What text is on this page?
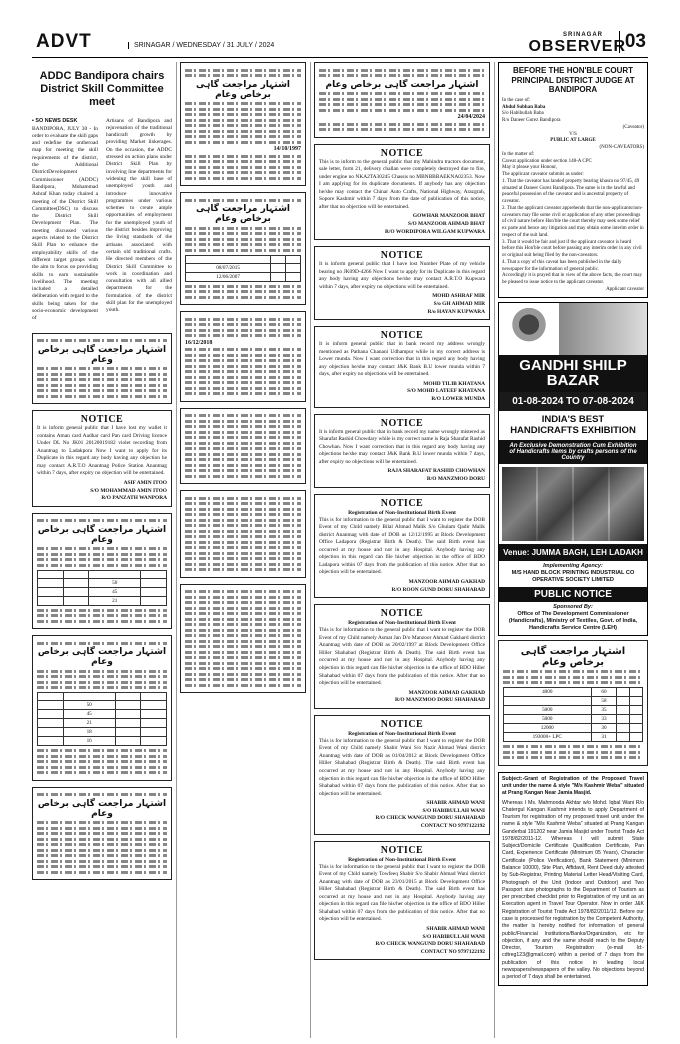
ADVT	SRINAGAR / WEDNESDAY / 31 JULY / 2024
SRINAGAR
OBSERVER
03
ADDC Bandipora chairs District Skill Committee meet
▪ SO NEWS DESK
BANDIPORA, JULY 30 - In order to evaluate the skill gaps and redefine the ontheroad map for meeting the skill requirements of the district, the Additional DistrictDevelopment Commissioner (ADDC) Bandipora, Mohammad Ashraf Khan today chaired a meeting of the District Skill Committee(DSC) to discuss the District Skill Development Plan. The meeting discussed various aspects related to the District Skill Plan to enhance the employability skills of the different target groups with the aim to focus on providing skills to earn sustainable livelihood. The meeting included a detailed deliberation with regard to the skills being taken for the socio-economic development of
Artisans of Bandipora and rejuvenation of the traditional handicraft growth by providing Market linkerages. On the occasion, the ADDC stressed on action plans under District Skill Plan by involving line departments for widening the skill base of unemployed youth and introduce innovative programmes under various schemes to create ample opportunities of employment for the unemployed youth of the district besides improving the living standards of the artisans associated with certain old traditional crafts. He directed members of the District Skill Committee to work in coordination and consultation with all allied departments for the formulation of the district skill plan for the unemployed youth.
اشتہار مراجعت گاہی برخاص وعام
NOTICE

It is inform general public that I have lost my wallet it contains Aman card Aadhar card Pan card Driving licence Under DL No JK01 20120019182 violet recording from Anantnag to Ladakpora Now I want to apply for its Duplicate in this regard any body having any objection he may contact A.R.T.O Anantnag Police Station Anantnag within 7 days, after expiry no objection will be entertained.

ASIF AMIN ITOO
S/O MOHAMMAD AMIN ITOO
R/O PANZATH WANPORA
اشتہار مراجعت گاہی برخاص وعام

		50	
		45	
		21	
اشتہار مراجعت گاہی برخاص وعام

	50		
	45		
	21		
	18		
	16		
اشتہار مراجعت گاہی برخاص وعام
اشتہار مراجعت گاہی برخاص وعام
14/10/1997
اشتہار مراجعت گاہی برخاص وعام

08/07/2015		
12/06/2007		
16/12/2018
اشتہار مراجعت گاہی برخاص وعام
24/04/2024
NOTICE

This is to inform to the general public that my Mahindra tractors document, sale letter, form 21, delivery challan were completely destroyed due to fire, under engine no NKA2TA30245 Chassis no MBNBBBAEKNA02353. Now I am applying for its duplicate documents. If anybody has any objection he/she may contact the Chinar Auto Crafts, National Highway, Arazgrah, Sopore Kashmir within 7 days from the date of publication of this notice, after that no objection will be entertained.

GOWHAR MANZOOR BHAT
S/O MANZOOR AHMAD BHAT
R/O WORDIPORA WILGAM KUPWARA
NOTICE

It is inform general public that I have lost Number Plate of my vehicle bearing no JK09D-4266 Now I want to apply for its Duplicate in this regard any body having any objections he/she may contact A.R.T.O Kupwara within 7 days, after expiry no objections will be entertained.

MOHD ASHRAF MIR
S/o GH AHMAD MIR
R/o HAYAN KUPWARA
NOTICE

It is inform general public that in bank record my address wrongly mentioned as Pathana Chanani Udhampur while in my correct address is Lower munda. Now I want correction that in this regard any body having any objection he/she may contact J&K Bank B.U lower munda within 7 days, after expiry no objections will be entertained.

MOHD TILIB KHATANA
S/O MOHD LATEEF KHATANA
R/O LOWER MUNDA
NOTICE

It is inform general public that in bank record my name wrongly mistered as Sharafat Rashid Chowdary while is my correct name is Raja Sharafat Rashid Chowhan. Now I want correction that in this regard any body having any objections he/she may contact J&K Bank B.U lower munda within 7 days, after expiry no objections will be entertained.

RAJA SHARAFAT RASHID CHOWHAN
R/O MANZMOO DORU
NOTICE
Registration of Non-Institutional Birth Event

This is for information to the general public that I want to register the DOB Event of my Child namely Bilal Ahmad Malik S/o Ghulam Qadir Malik district Anantnag with date of DOB as 12/12/1995 at Block Development Office Ladapora (Registrar Birth & Death). The said Birth event has occurred at my house and not in any Hospital. Anybody having any objection in this regard can file his/her objection in the office of BDO Ladapora within 07 days from the publication of this notice. After that no objection will be entertained.

MANZOOR AHMAD GAKHAD
R/O ROON GUND DORU SHAHABAD
NOTICE
Registration of Non-Institutional Birth Event

This is for information to the general public that I want to register the DOB Event of my Child namely Asmat Jan D/o Manzoor Ahmad Gakhard district Anantnag with date of DOB as 20/02/1997 at Block Development Office Hiller Shahabad (Registrar Birth & Death). The said Birth event has occurred at my house and not in any Hospital. Anybody having any objection in this regard can file his/her objection in the office of BDO Hiller Shahabad within 07 days from the publication of this notice. After that no objection will be entertained.

MANZOOR AHMAD GAKHAD
R/O MANZMOO DORU SHAHABAD
NOTICE
Registration of Non-Institutional Birth Event

This is for information to the general public that I want to register the DOB Event of my Child namely Shabir Wani S/o Nazir Ahmad Wani district Anantnag with date of DOB as 01/04/2012 at Block Development Office Hiller Shahabad (Registrar Birth & Death). The said Birth event has occurred at my house and not in any Hospital. Anybody having any objection in this regard can file his/her objection in the office of BDO Hiller Shahabad within 07 days from the publication of this notice. After that no objection will be entertained.

SHABIR AHMAD WANI
S/O HABIBULLAH WANI
R/O CHECK WANGUND DORU SHAHABAD
CONTACT NO 9797122192
NOTICE
Registration of Non-Institutional Birth Event

This is for information to the general public that I want to register the DOB Event of my Child namely Towfeeq Shabir S/o Shabir Ahmad Wani district Anantnag with date of DOB as 23/01/2015 at Block Development Office Hiller Shahabad (Registrar Birth & Death). The said Birth event has occurred at my house and not in any Hospital. Anybody having any objection in this regard can file his/her objection in the office of BDO Hiller Shahabad within 07 days from the publication of this notice. After that no objection will be entertained.

SHABIR AHMAD WANI
S/O HABIBULLAH WANI
R/O CHECK WANGUND DORU SHAHABAD
CONTACT NO 9797122192
BEFORE THE HON'BLE COURT PRINCIPAL DISTRICT JUDGE AT BANDIPORA

In the case of:

Abdul Subhan Baba

S/o Habibullah Baba

R/o Daneer Gurez Bandipora

(Caveator)

V/S

PUBLIC AT LARGE

(NON-CAVEATORS)

In the matter of:

Caveat application under section 148-A CPC

May it please your Honour,

The applicant caveator submits as under:

1. That the caveator has landed property bearing khasra no 97/45, 49 situated at Daneer Gurez Bandipora. The same is in the lawful and peaceful possession of the caveator and is ancestral property of caveator.

2. That the applicant caveator apprehends that the non-applicants/non-caveators may file some civil or application of any other proceedings of civil nature before Hon'ble the court thereby may seek some relief ex parte and hence any litigation and may obtain some interim order in respect of the suit land.

3. That it would be fair and just if the applicant caveator is heard before this Hon'ble court before passing any interim order in any civil or original suit being filed by the non-caveators.

4. That a copy of this caveat has been published in the daily newspaper for the information of general public.

Accordingly it is prayed that in view of the above facts, the court may be pleased to issue notice to the applicant caveator.

Applicant caveator

GANDHI SHILP
BAZAR
01-08-2024 TO 07-08-2024
INDIA'S BEST
HANDICRAFTS EXHIBITION
An Exclusive Demonstration Cum Exhibition
of Handicrafts items by crafts persons of the Country
Venue: JUMMA BAGH, LEH LADAKH
Implementing Agency:
M/S HAND BLOCK PRINTING INDUSTRIAL CO OPERATIVE SOCIETY LIMITED
PUBLIC NOTICE
Sponsored By:
Office of The Development Commissioner (Handicrafts), Ministry of Textiles, Govt. of India, Handicrafts Service Centre (LEH)
اشتہار مراجعت گاہی برخاص وعام
4000	60		
	58		
5000	35		
5000	33		
12000	30		
193000+ LPC	31		

Subject:-Grant of Registration of the Proposed Travel unit under the name & style "M/s Kashmir Weba" situated at Prang Kangan Near Jamia Masjid.

Whereas I Ms. Mahmooda Akhtar w/o Mohd. Iqbal Wani R/o Chatergul Kangan Kashmir intends to apply Department of Tourism for registration of my proposed travel unit under the name & style "M/s Kashmir Weba" situated at Prang Kangan Ganderbal 191202 near Jamia Masjid under Tourist Trade Act 1978/82/2011-12. Whereas I will submit State Subject/Domicile Certificate Qualification Certificate, Pan Card, Experience Certificate (Minimum 05 Years), Character Certificate (Police Verification), Bank Statement (Minimum Balance 10000), Site Plan, Affidavit, Rent Deed duly attested by Sub-Registrar, Printing Material Letter Head/Visiting Card, Photograph of the Unit (Indoor and Outdoor) and Two Passport size photographs to the Department of Tourism as per prescribed checklist prior to Registration of my unit as an Execution agent in Travel Tour Operator. Now in order J&K Registration of Tourist Trade Act 1978/82/2011/12. Before our case is processed for registration by the Competent Authority, the matter is hereby notified for information of general public/Financial Institutions/Banks/Organization, etc for objection, if any and the same should reach to the Deputy Director, Tourism Registration (e-mail Id:- cdtreg123@gmail.com) within a period of 7 days from the publication of this notice in leading local newspapers/newspapers of the valley. No objections beyond a period of 7 days shall be entertained.
